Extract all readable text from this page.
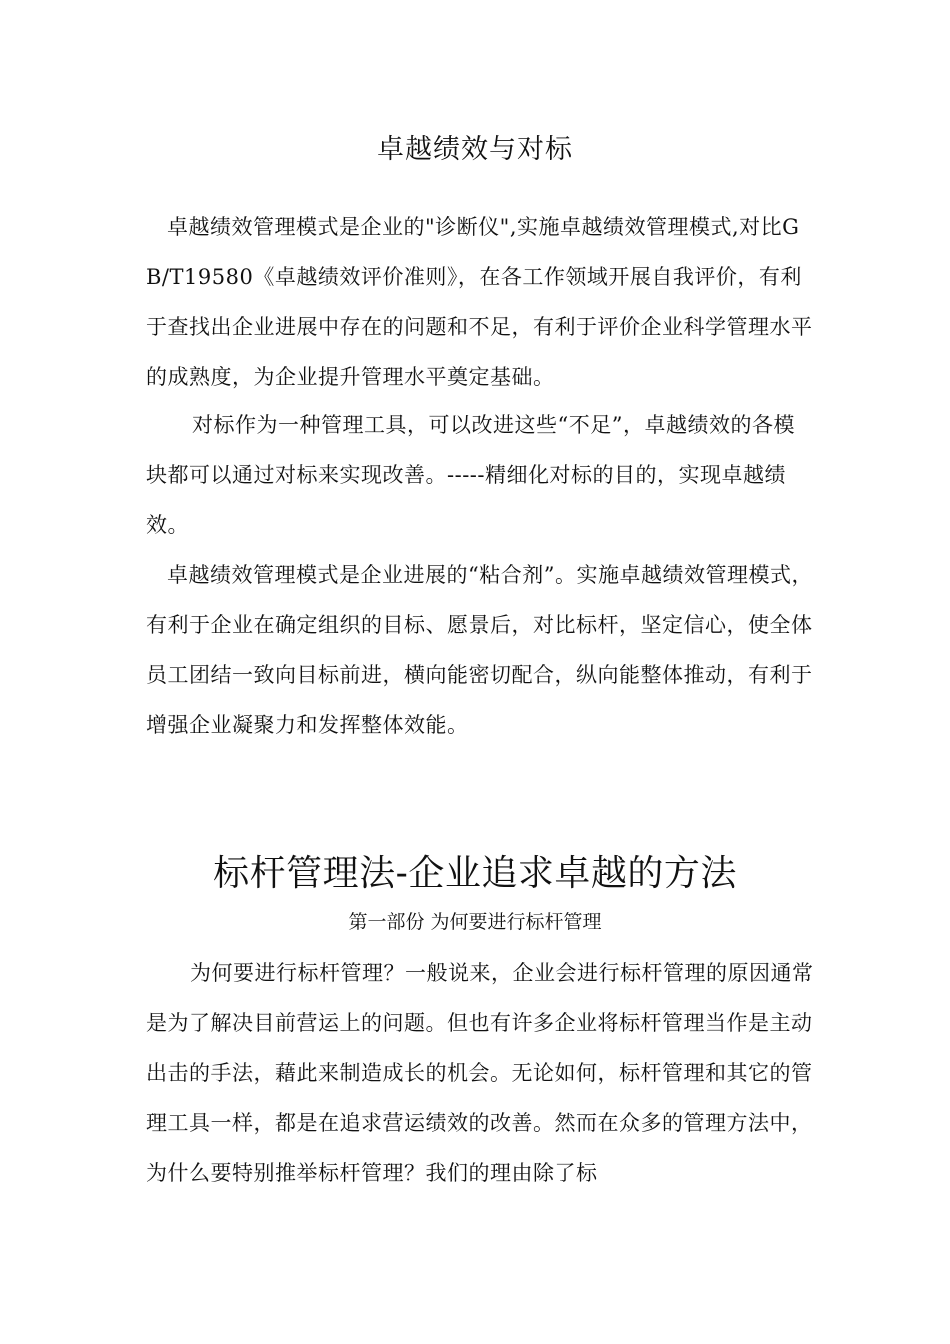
卓越绩效与对标

卓越绩效管理模式是企业的"诊断仪",实施卓越绩效管理模式,对比GB/T19580《卓越绩效评价准则》，在各工作领域开展自我评价，有利于查找出企业进展中存在的问题和不足，有利于评价企业科学管理水平的成熟度，为企业提升管理水平奠定基础。

对标作为一种管理工具，可以改进这些“不足”，卓越绩效的各模块都可以通过对标来实现改善。-----精细化对标的目的，实现卓越绩效。

卓越绩效管理模式是企业进展的“粘合剂”。实施卓越绩效管理模式，有利于企业在确定组织的目标、愿景后，对比标杆，坚定信心，使全体员工团结一致向目标前进，横向能密切配合，纵向能整体推动，有利于增强企业凝聚力和发挥整体效能。

标杆管理法-企业追求卓越的方法
第一部份 为何要进行标杆管理

为何要进行标杆管理？一般说来，企业会进行标杆管理的原因通常是为了解决目前营运上的问题。但也有许多企业将标杆管理当作是主动出击的手法，藉此来制造成长的机会。无论如何，标杆管理和其它的管理工具一样，都是在追求营运绩效的改善。然而在众多的管理方法中，为什么要特别推举标杆管理？我们的理由除了标
